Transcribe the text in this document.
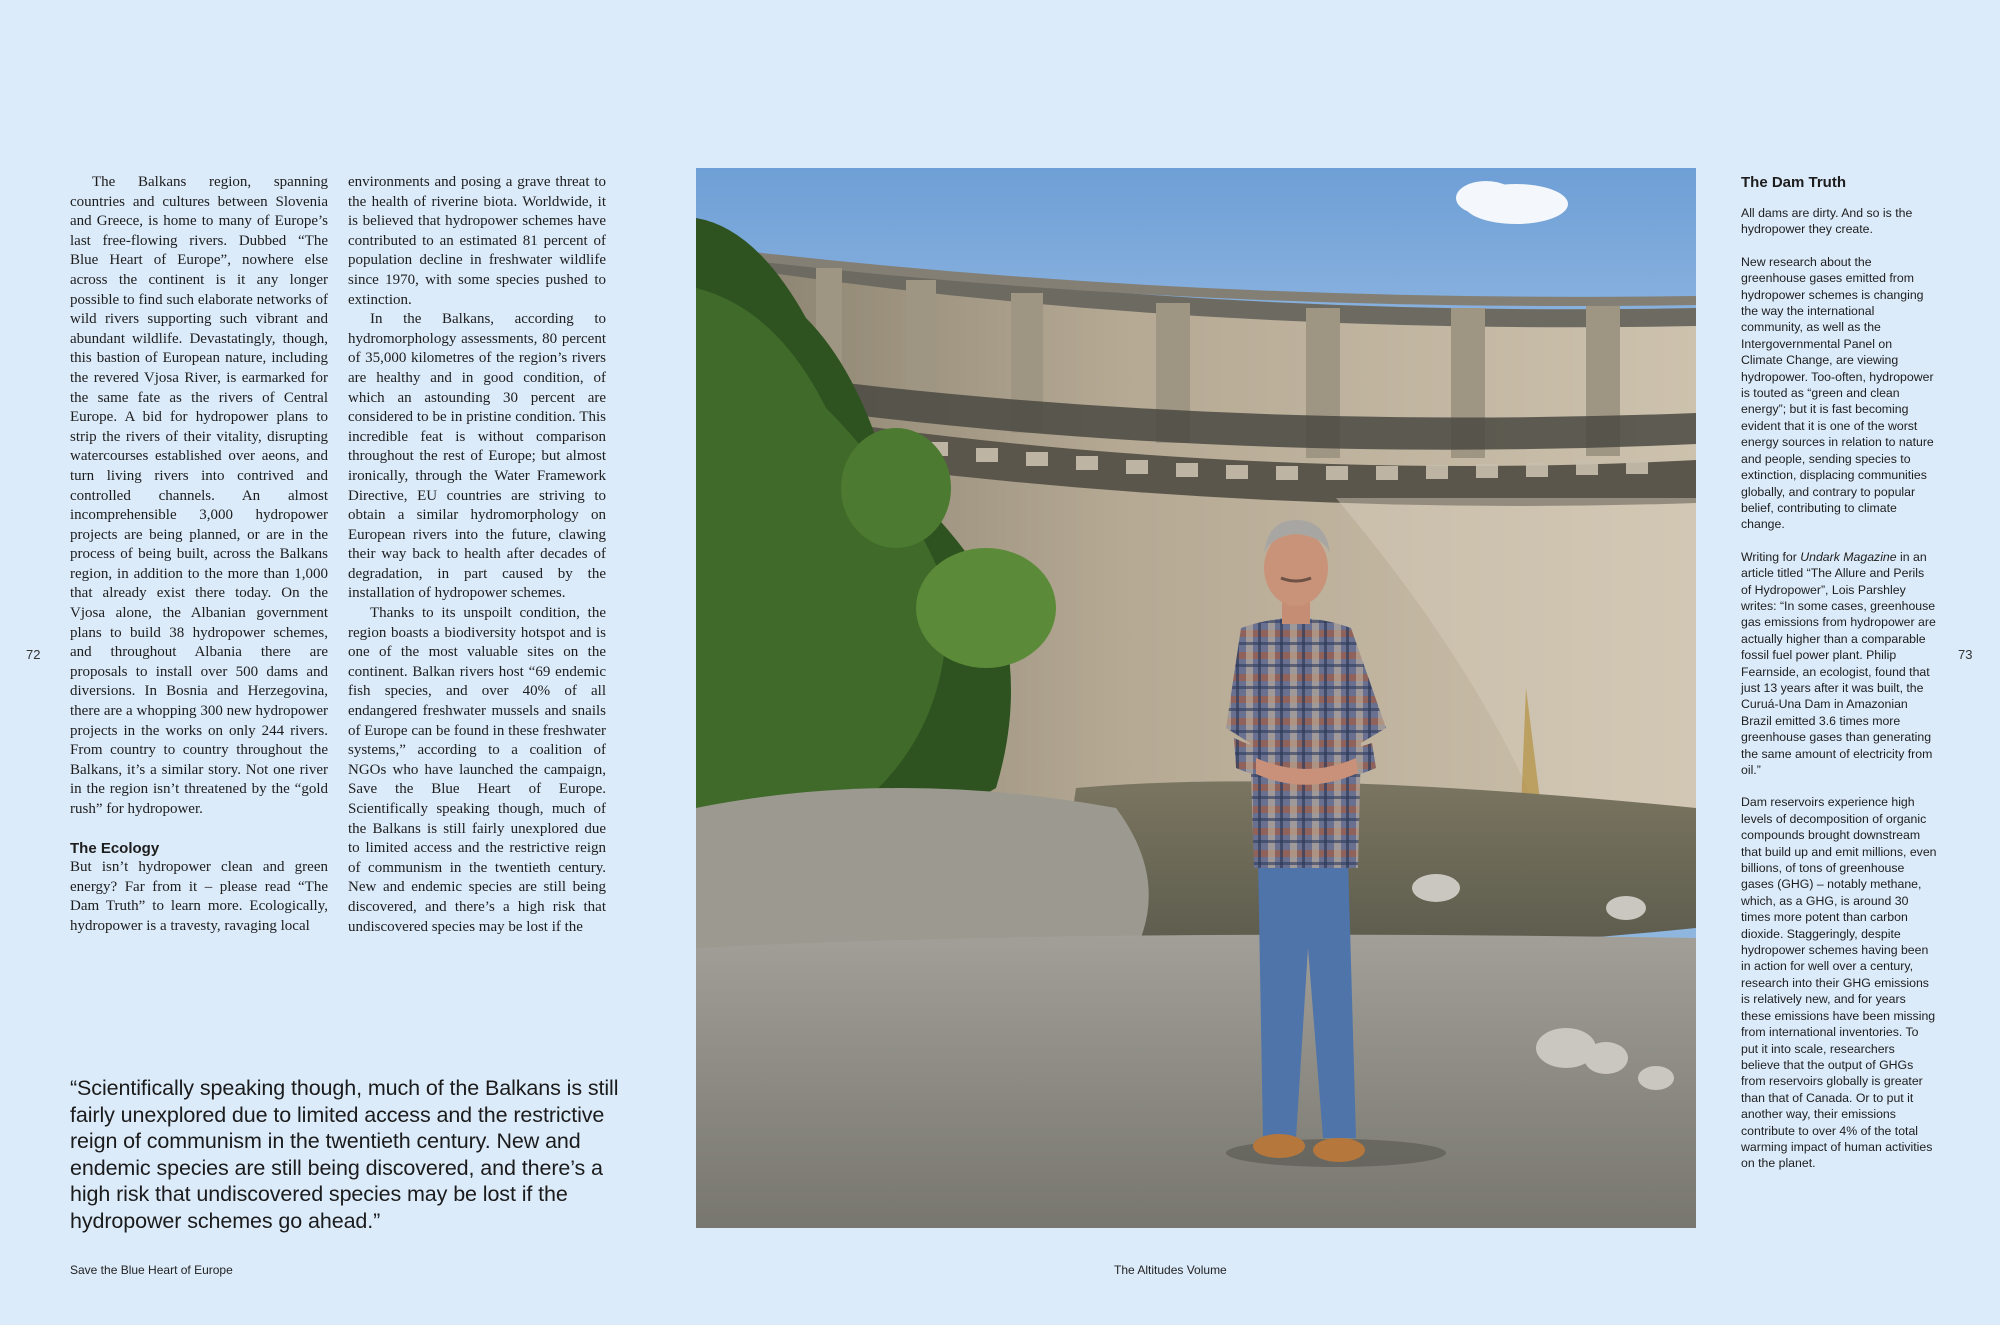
The Balkans region, spanning countries and cultures between Slovenia and Greece, is home to many of Europe’s last free-flowing rivers. Dubbed “The Blue Heart of Europe”, nowhere else across the continent is it any longer possible to find such elaborate networks of wild rivers supporting such vibrant and abundant wildlife. Devastatingly, though, this bastion of European nature, including the revered Vjosa River, is earmarked for the same fate as the rivers of Central Europe. A bid for hydropower plans to strip the rivers of their vitality, disrupting watercourses established over aeons, and turn living rivers into contrived and controlled channels. An almost incomprehensible 3,000 hydropower projects are being planned, or are in the process of being built, across the Balkans region, in addition to the more than 1,000 that already exist there today. On the Vjosa alone, the Albanian government plans to build 38 hydropower schemes, and throughout Albania there are proposals to install over 500 dams and diversions. In Bosnia and Herzegovina, there are a whopping 300 new hydropower projects in the works on only 244 rivers. From country to country throughout the Balkans, it’s a similar story. Not one river in the region isn’t threatened by the “gold rush” for hydropower.

The Ecology

But isn’t hydropower clean and green energy? Far from it – please read “The Dam Truth” to learn more. Ecologically, hydropower is a travesty, ravaging local

environments and posing a grave threat to the health of riverine biota. Worldwide, it is believed that hydropower schemes have contributed to an estimated 81 percent of population decline in freshwater wildlife since 1970, with some species pushed to extinction.

In the Balkans, according to hydromorphology assessments, 80 percent of 35,000 kilometres of the region’s rivers are healthy and in good condition, of which an astounding 30 percent are considered to be in pristine condition. This incredible feat is without comparison throughout the rest of Europe; but almost ironically, through the Water Framework Directive, EU countries are striving to obtain a similar hydromorphology on European rivers into the future, clawing their way back to health after decades of degradation, in part caused by the installation of hydropower schemes.

Thanks to its unspoilt condition, the region boasts a biodiversity hotspot and is one of the most valuable sites on the continent. Balkan rivers host “69 endemic fish species, and over 40% of all endangered freshwater mussels and snails of Europe can be found in these freshwater systems,” according to a coalition of NGOs who have launched the campaign, Save the Blue Heart of Europe. Scientifically speaking though, much of the Balkans is still fairly unexplored due to limited access and the restrictive reign of communism in the twentieth century. New and endemic species are still being discovered, and there’s a high risk that undiscovered species may be lost if the

72	73
“Scientifically speaking though, much of the Balkans is still fairly unexplored due to limited access and the restrictive reign of communism in the twentieth century. New and endemic species are still being discovered, and there’s a high risk that undiscovered species may be lost if the hydropower schemes go ahead.”
Save the Blue Heart of Europe	The Altitudes Volume
The Dam Truth

All dams are dirty. And so is the hydropower they create.

New research about the greenhouse gases emitted from hydropower schemes is changing the way the international community, as well as the Intergovernmental Panel on Climate Change, are viewing hydropower. Too-often, hydropower is touted as “green and clean energy”; but it is fast becoming evident that it is one of the worst energy sources in relation to nature and people, sending species to extinction, displacing communities globally, and contrary to popular belief, contributing to climate change.

Writing for Undark Magazine in an article titled “The Allure and Perils of Hydropower”, Lois Parshley writes: “In some cases, greenhouse gas emissions from hydropower are actually higher than a comparable fossil fuel power plant. Philip Fearnside, an ecologist, found that just 13 years after it was built, the Curuá-Una Dam in Amazonian Brazil emitted 3.6 times more greenhouse gases than generating the same amount of electricity from oil.”

Dam reservoirs experience high levels of decomposition of organic compounds brought downstream that build up and emit millions, even billions, of tons of greenhouse gases (GHG) – notably methane, which, as a GHG, is around 30 times more potent than carbon dioxide. Staggeringly, despite hydropower schemes having been in action for well over a century, research into their GHG emissions is relatively new, and for years these emissions have been missing from international inventories. To put it into scale, researchers believe that the output of GHGs from reservoirs globally is greater than that of Canada. Or to put it another way, their emissions contribute to over 4% of the total warming impact of human activities on the planet.
